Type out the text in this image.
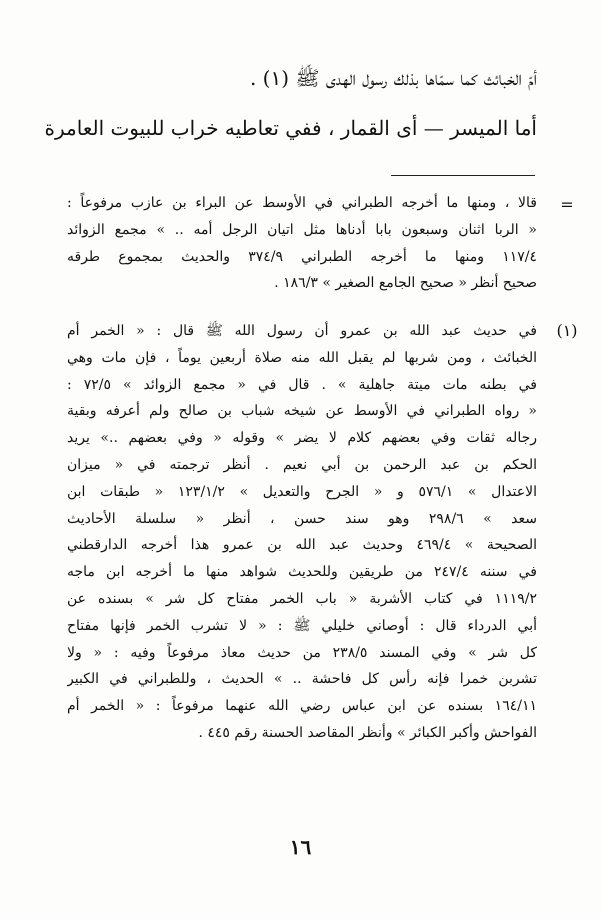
أمّ الخبائث كما سمّاها بذلك رسول الهدى ﷺ (١) .
أما الميسر — أى القمار ، ففي تعاطيه خراب للبيوت العامرة
=
قالا ، ومنها ما أخرجه الطبراني في الأوسط عن البراء بن عازب مرفوعاً :
« الربا اثنان وسبعون بابا أدناها مثل اتيان الرجل أمه .. » مجمع الزوائد
١١٧/٤ ومنها ما أخرجه الطبراني ٣٧٤/٩ والحديث بمجموع طرقه
صحيح أنظر « صحيح الجامع الصغير » ١٨٦/٣ .
(١)
في حديث عبد الله بن عمرو أن رسول الله ﷺ قال : « الخمر أم
الخبائث ، ومن شربها لم يقبل الله منه صلاة أربعين يوماً ، فإن مات وهي
في بطنه مات ميتة جاهلية » . قال في « مجمع الزوائد » ٧٢/٥ :
« رواه الطبراني في الأوسط عن شيخه شباب بن صالح ولم أعرفه وبقية
رجاله ثقات وفي بعضهم كلام لا يضر » وقوله « وفي بعضهم ..» يريد
الحكم بن عبد الرحمن بن أبي نعيم . أنظر ترجمته في « ميزان
الاعتدال » ٥٧٦/١ و « الجرح والتعديل » ١٢٣/١/٢ « طبقات ابن
سعد » ٢٩٨/٦ وهو سند حسن ، أنظر « سلسلة الأحاديث
الصحيحة » ٤٦٩/٤ وحديث عبد الله بن عمرو هذا أخرجه الدارقطني
في سننه ٢٤٧/٤ من طريقين وللحديث شواهد منها ما أخرجه ابن ماجه
١١١٩/٢ في كتاب الأشربة « باب الخمر مفتاح كل شر » بسنده عن
أبي الدرداء قال : أوصاني خليلي ﷺ : « لا تشرب الخمر فإنها مفتاح
كل شر » وفي المسند ٢٣٨/٥ من حديث معاذ مرفوعاً وفيه : « ولا
تشربن خمرا فإنه رأس كل فاحشة .. » الحديث ، وللطبراني في الكبير
١٦٤/١١ بسنده عن ابن عباس رضي الله عنهما مرفوعاً : « الخمر أم
الفواحش وأكبر الكبائر » وأنظر المقاصد الحسنة رقم ٤٤٥ .
١٦
